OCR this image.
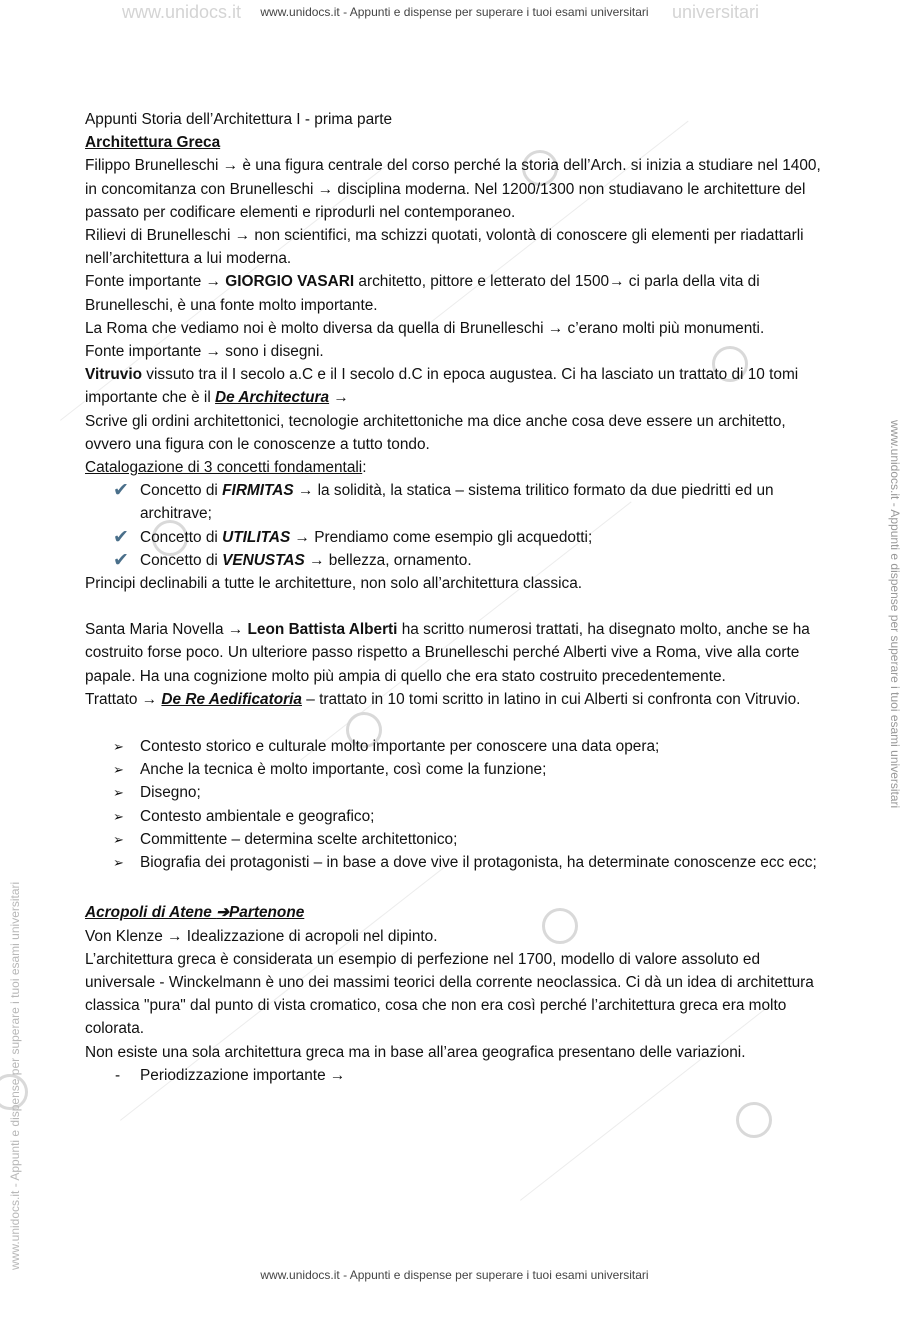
www.unidocs.it www.unidocs.it - Appunti e dispense per superare i tuoi esami universitari universitari
www.unidocs.it - Appunti e dispense per superare i tuoi esami universitari
www.unidocs.it - Appunti e dispense per superare i tuoi esami universitari
www.unidocs.it - Appunti e dispense per superare i tuoi esami universitari

Appunti Storia dell’Architettura I - prima parte

Architettura Greca

Filippo Brunelleschi → è una figura centrale del corso perché la storia dell’Arch. si inizia a studiare nel 1400, in concomitanza con Brunelleschi → disciplina moderna. Nel 1200/1300 non studiavano le architetture del passato per codificare elementi e riprodurli nel contemporaneo.

Rilievi di Brunelleschi → non scientifici, ma schizzi quotati, volontà di conoscere gli elementi per riadattarli nell’architettura a lui moderna.

Fonte importante → GIORGIO VASARI architetto, pittore e letterato del 1500→ ci parla della vita di Brunelleschi, è una fonte molto importante.

La Roma che vediamo noi è molto diversa da quella di Brunelleschi → c’erano molti più monumenti.

Fonte importante → sono i disegni.

Vitruvio vissuto tra il I secolo a.C e il I secolo d.C in epoca augustea. Ci ha lasciato un trattato di 10 tomi importante che è il De Architectura →

Scrive gli ordini architettonici, tecnologie architettoniche ma dice anche cosa deve essere un architetto, ovvero una figura con le conoscenze a tutto tondo.

Catalogazione di 3 concetti fondamentali:

✔ Concetto di FIRMITAS → la solidità, la statica – sistema trilitico formato da due piedritti ed un architrave;
✔ Concetto di UTILITAS → Prendiamo come esempio gli acquedotti;
✔ Concetto di VENUSTAS → bellezza, ornamento.

Principi declinabili a tutte le architetture, non solo all’architettura classica.

Santa Maria Novella → Leon Battista Alberti ha scritto numerosi trattati, ha disegnato molto, anche se ha costruito forse poco. Un ulteriore passo rispetto a Brunelleschi perché Alberti vive a Roma, vive alla corte papale. Ha una cognizione molto più ampia di quello che era stato costruito precedentemente.

Trattato → De Re Aedificatoria – trattato in 10 tomi scritto in latino in cui Alberti si confronta con Vitruvio.

➢ Contesto storico e culturale molto importante per conoscere una data opera;
➢ Anche la tecnica è molto importante, così come la funzione;
➢ Disegno;
➢ Contesto ambientale e geografico;
➢ Committente – determina scelte architettonico;
➢ Biografia dei protagonisti – in base a dove vive il protagonista, ha determinate conoscenze ecc ecc;

Acropoli di Atene ➔Partenone

Von Klenze → Idealizzazione di acropoli nel dipinto.

L’architettura greca è considerata un esempio di perfezione nel 1700, modello di valore assoluto ed universale - Winckelmann è uno dei massimi teorici della corrente neoclassica. Ci dà un idea di architettura classica "pura" dal punto di vista cromatico, cosa che non era così perché l’architettura greca era molto colorata.

Non esiste una sola architettura greca ma in base all’area geografica presentano delle variazioni.

- Periodizzazione importante →
